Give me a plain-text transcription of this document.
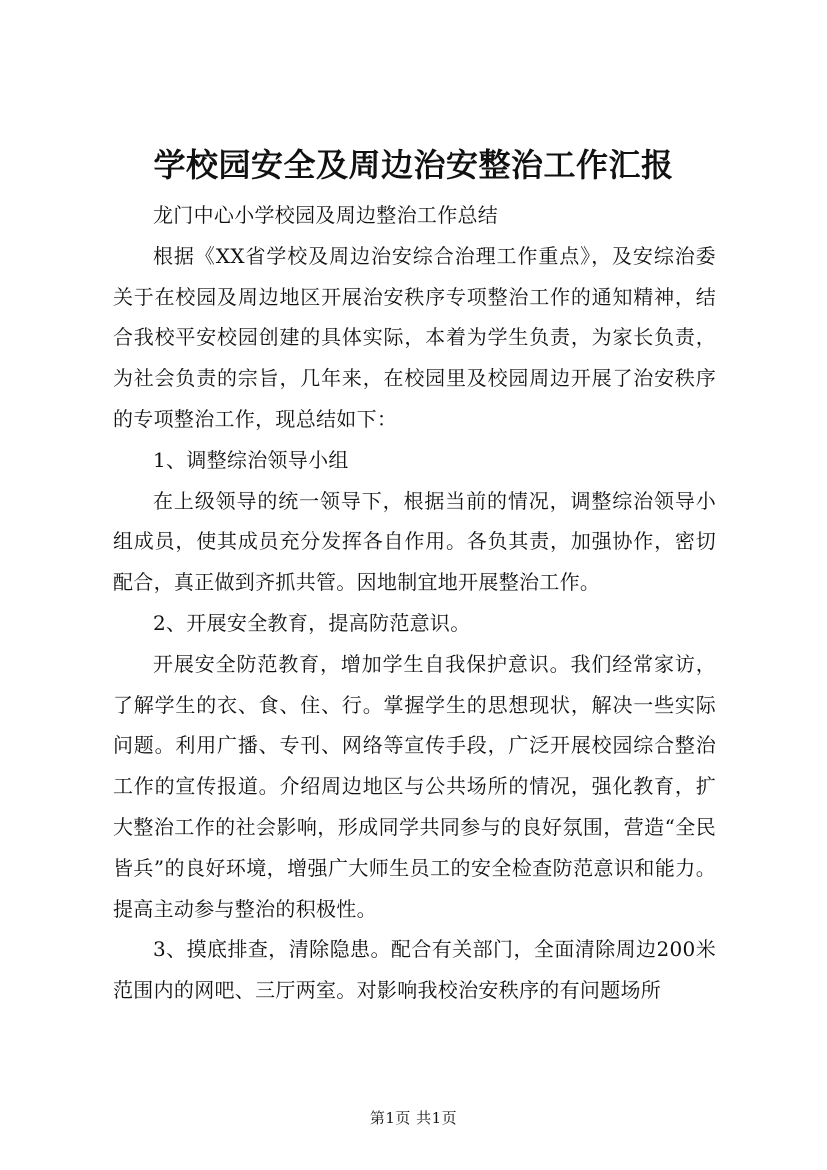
学校园安全及周边治安整治工作汇报

龙门中心小学校园及周边整治工作总结

根据《XX省学校及周边治安综合治理工作重点》，及安综治委关于在校园及周边地区开展治安秩序专项整治工作的通知精神，结合我校平安校园创建的具体实际，本着为学生负责，为家长负责，为社会负责的宗旨，几年来，在校园里及校园周边开展了治安秩序的专项整治工作，现总结如下：

1、调整综治领导小组

在上级领导的统一领导下，根据当前的情况，调整综治领导小组成员，使其成员充分发挥各自作用。各负其责，加强协作，密切配合，真正做到齐抓共管。因地制宜地开展整治工作。

2、开展安全教育，提高防范意识。

开展安全防范教育，增加学生自我保护意识。我们经常家访，了解学生的衣、食、住、行。掌握学生的思想现状，解决一些实际问题。利用广播、专刊、网络等宣传手段，广泛开展校园综合整治工作的宣传报道。介绍周边地区与公共场所的情况，强化教育，扩大整治工作的社会影响，形成同学共同参与的良好氛围，营造“全民皆兵”的良好环境，增强广大师生员工的安全检查防范意识和能力。提高主动参与整治的积极性。

3、摸底排查，清除隐患。配合有关部门，全面清除周边200米范围内的网吧、三厅两室。对影响我校治安秩序的有问题场所

第1页 共1页
